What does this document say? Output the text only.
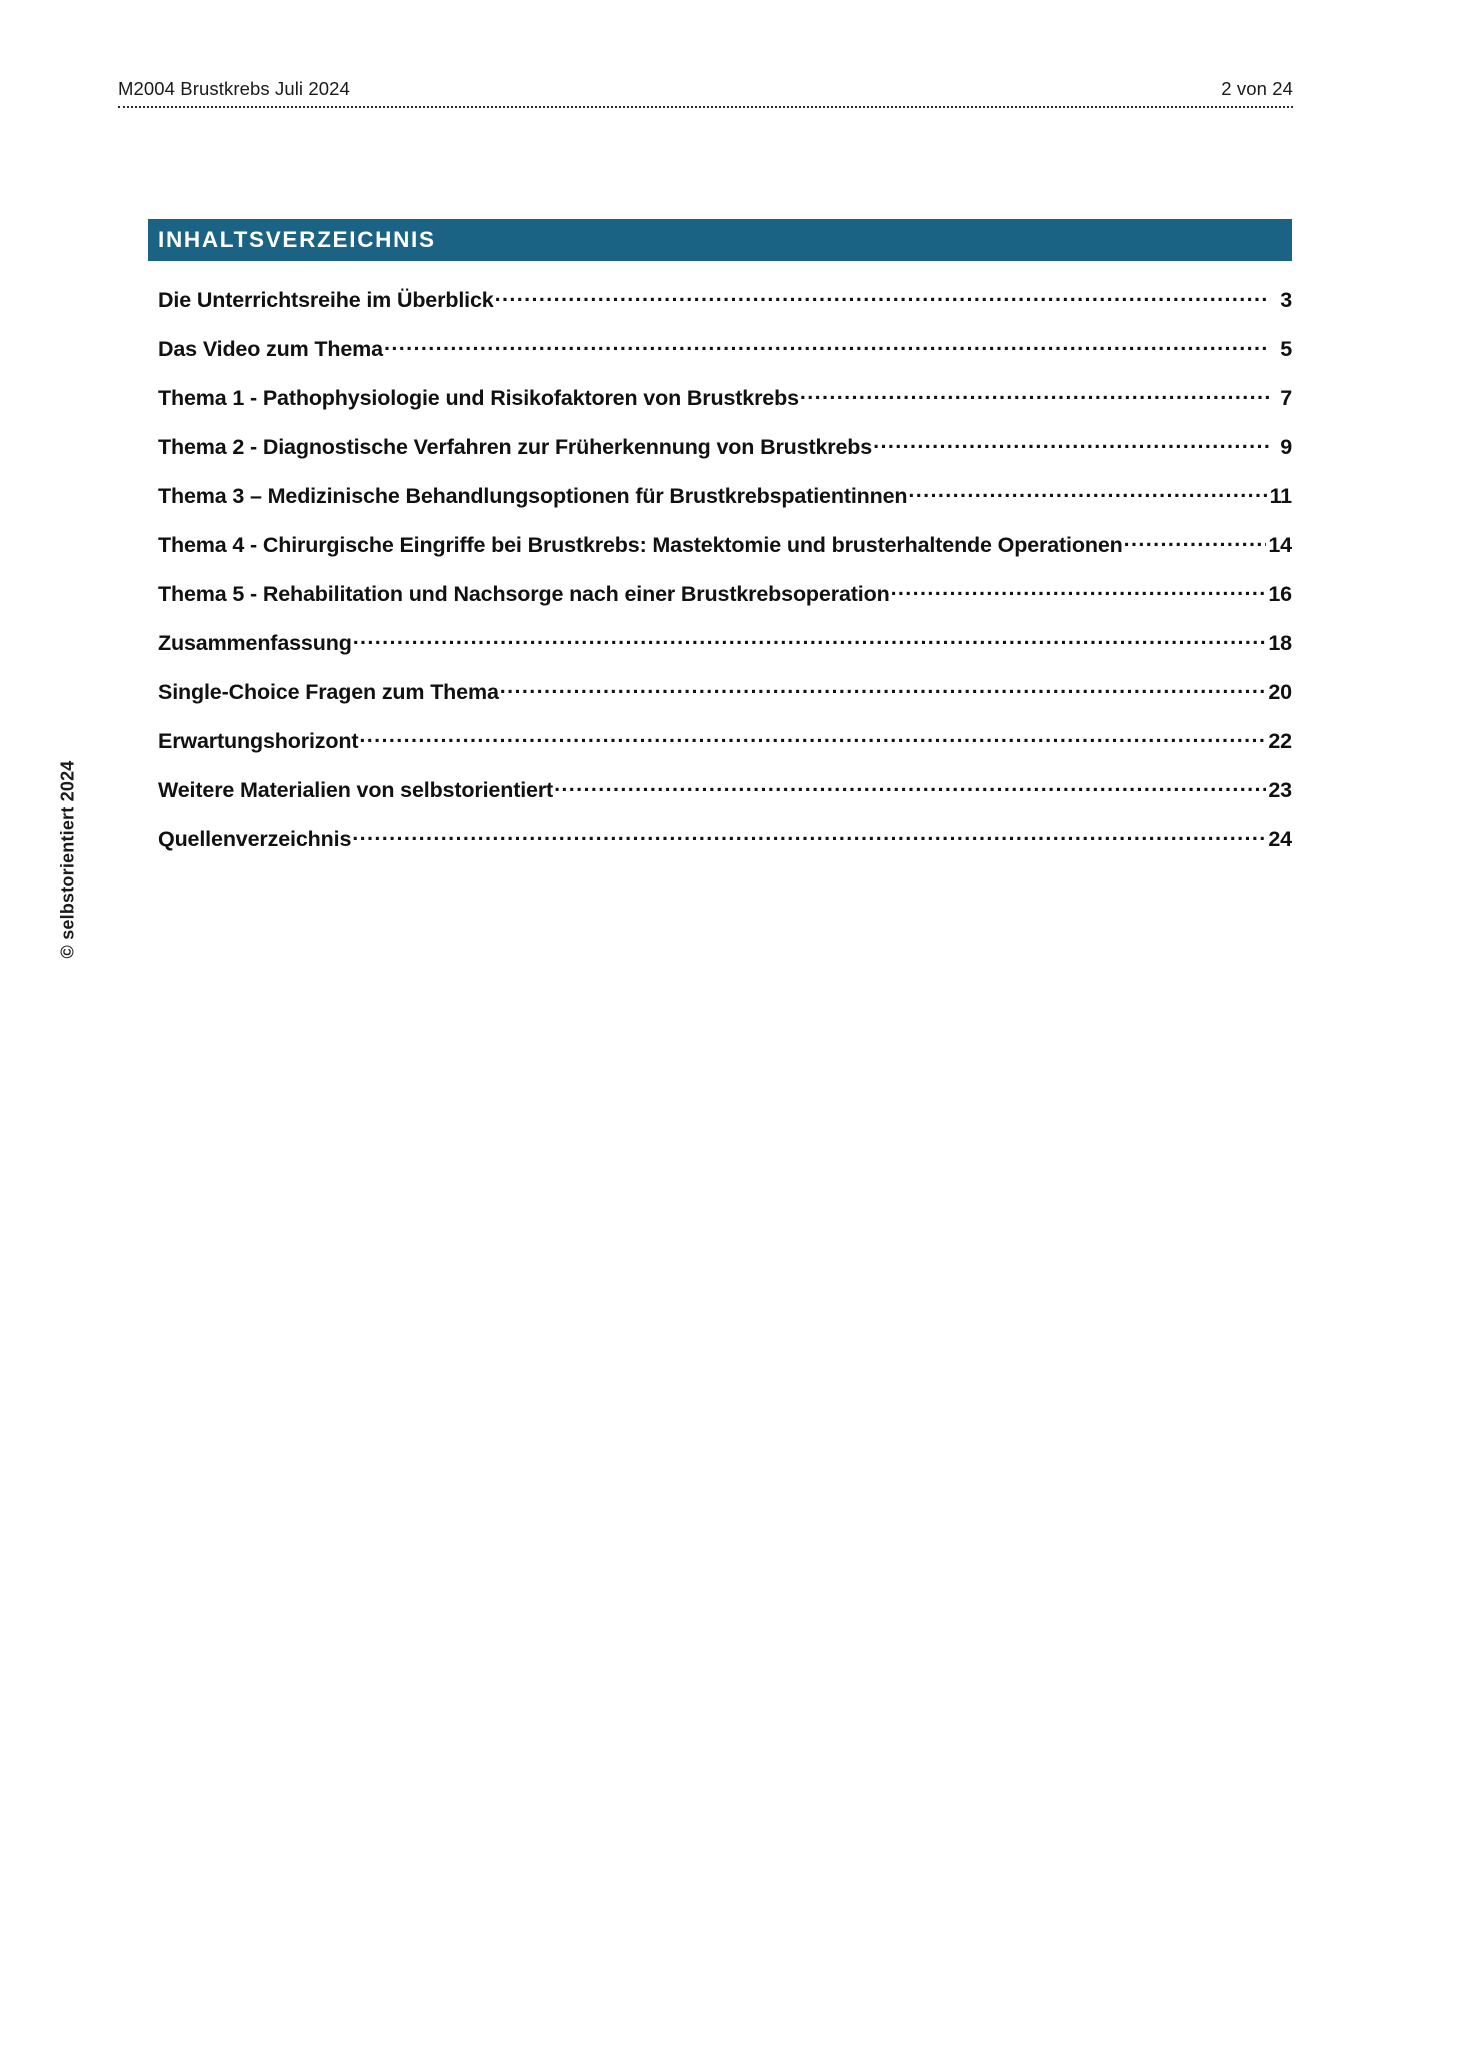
M2004 Brustkrebs Juli 2024	2 von 24
© selbstorientiert 2024
INHALTSVERZEICHNIS
Die Unterrichtsreihe im Überblick .....	3
Das Video zum Thema .....	5
Thema 1 - Pathophysiologie und Risikofaktoren von Brustkrebs .....	7
Thema 2 - Diagnostische Verfahren zur Früherkennung von Brustkrebs .....	9
Thema 3 – Medizinische Behandlungsoptionen für Brustkrebspatientinnen .....	11
Thema 4 - Chirurgische Eingriffe bei Brustkrebs: Mastektomie und brusterhaltende Operationen .....	14
Thema 5 - Rehabilitation und Nachsorge nach einer Brustkrebsoperation .....	16
Zusammenfassung .....	18
Single-Choice Fragen zum Thema .....	20
Erwartungshorizont .....	22
Weitere Materialien von selbstorientiert .....	23
Quellenverzeichnis .....	24
